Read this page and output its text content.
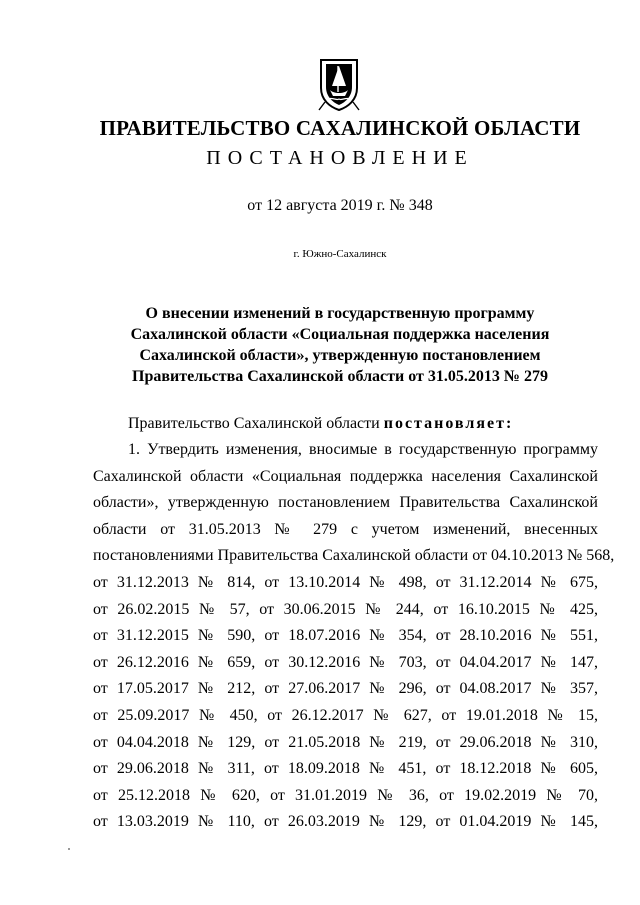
ПРАВИТЕЛЬСТВО САХАЛИНСКОЙ ОБЛАСТИ
ПОСТАНОВЛЕНИЕ
от 12 августа 2019 г. № 348
г. Южно-Сахалинск
О внесении изменений в государственную программу
Сахалинской области «Социальная поддержка населения
Сахалинской области», утвержденную постановлением
Правительства Сахалинской области от 31.05.2013 № 279
Правительство Сахалинской области постановляет:
1. Утвердить изменения, вносимые в государственную программу
Сахалинской области «Социальная поддержка населения Сахалинской
области», утвержденную постановлением Правительства Сахалинской
области от 31.05.2013 № 279 с учетом изменений, внесенных
постановлениями Правительства Сахалинской области от 04.10.2013 № 568,
от 31.12.2013 № 814, от 13.10.2014 № 498, от 31.12.2014 № 675,
от 26.02.2015 № 57, от 30.06.2015 № 244, от 16.10.2015 № 425,
от 31.12.2015 № 590, от 18.07.2016 № 354, от 28.10.2016 № 551,
от 26.12.2016 № 659, от 30.12.2016 № 703, от 04.04.2017 № 147,
от 17.05.2017 № 212, от 27.06.2017 № 296, от 04.08.2017 № 357,
от 25.09.2017 № 450, от 26.12.2017 № 627, от 19.01.2018 № 15,
от 04.04.2018 № 129, от 21.05.2018 № 219, от 29.06.2018 № 310,
от 29.06.2018 № 311, от 18.09.2018 № 451, от 18.12.2018 № 605,
от 25.12.2018 № 620, от 31.01.2019 № 36, от 19.02.2019 № 70,
от 13.03.2019 № 110, от 26.03.2019 № 129, от 01.04.2019 № 145,
